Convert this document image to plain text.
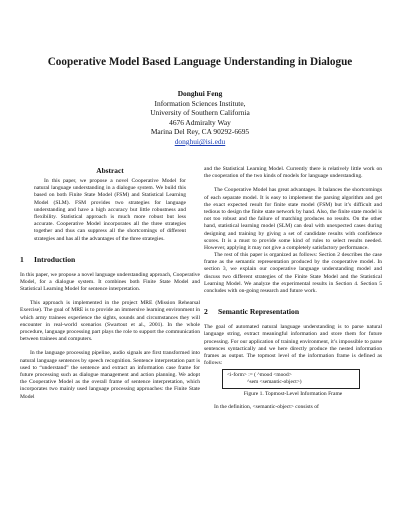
Cooperative Model Based Language Understanding in Dialogue
Donghui Feng
Information Sciences Institute,
University of Southern California
4676 Admiralty Way
Marina Del Rey, CA 90292-6695
donghui@isi.edu
Abstract

In this paper, we propose a novel Cooperative Model for natural language understanding in a dialogue system. We build this based on both Finite State Model (FSM) and Statistical Learning Model (SLM). FSM provides two strategies for language understanding and have a high accuracy but little robustness and flexibility. Statistical approach is much more robust but less accurate. Cooperative Model incorporates all the three strategies together and thus can suppress all the shortcomings of different strategies and has all the advantages of the three strategies.

1 Introduction

In this paper, we propose a novel language understanding approach, Cooperative Model, for a dialogue system. It combines both Finite State Model and Statistical Learning Model for sentence interpretation.

This approach is implemented in the project MRE (Mission Rehearsal Exercise). The goal of MRE is to provide an immersive learning environment in which army trainees experience the sights, sounds and circumstances they will encounter in real-world scenarios (Swartout et al., 2001). In the whole procedure, language processing part plays the role to support the communication between trainees and computers.

In the language processing pipeline, audio signals are first transformed into natural language sentences by speech recognition. Sentence interpretation part is used to “understand” the sentence and extract an information case frame for future processing such as dialogue management and action planning. We adopt the Cooperative Model as the overall frame of sentence interpretation, which incorporates two mainly used language processing approaches: the Finite State Model

and the Statistical Learning Model. Currently there is relatively little work on the cooperation of the two kinds of models for language understanding.

The Cooperative Model has great advantages. It balances the shortcomings of each separate model. It is easy to implement the parsing algorithm and get the exact expected result for finite state model (FSM) but it’s difficult and tedious to design the finite state network by hand. Also, the finite state model is not too robust and the failure of matching produces no results. On the other hand, statistical learning model (SLM) can deal with unexpected cases during designing and training by giving a set of candidate results with confidence scores. It is a must to provide some kind of rules to select results needed. However, applying it may not give a completely satisfactory performance.

The rest of this paper is organized as follows: Section 2 describes the case frame as the semantic representation produced by the cooperative model. In section 3, we explain our cooperative language understanding model and discuss two different strategies of the Finite State Model and the Statistical Learning Model. We analyze the experimental results in Section 4. Section 5 concludes with on-going research and future work.

2 Semantic Representation

The goal of automated natural language understanding is to parse natural language string, extract meaningful information and store them for future processing. For our application of training environment, it’s impossible to parse sentences syntactically and we here directly produce the nested information frames as output. The topmost level of the information frame is defined as follows:

<i-form> := ( ^mood <mood>
^sem <semantic-object>)
Figure 1. Topmost-Level Information Frame

In the definition, <semantic-object> consists of
